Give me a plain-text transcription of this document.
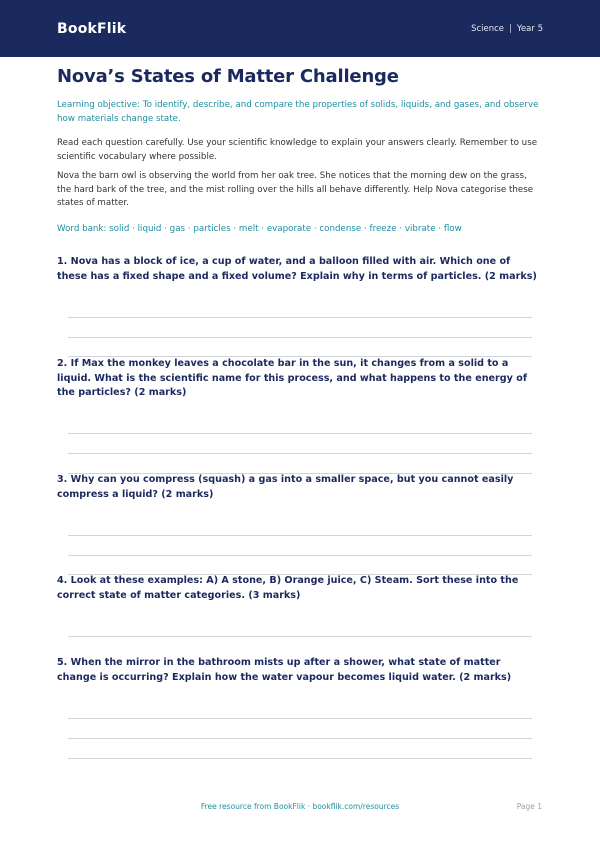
BookFlik	Science | Year 5
Nova’s States of Matter Challenge
Learning objective: To identify, describe, and compare the properties of solids, liquids, and gases, and observe how materials change state.
Read each question carefully. Use your scientific knowledge to explain your answers clearly. Remember to use scientific vocabulary where possible.
Nova the barn owl is observing the world from her oak tree. She notices that the morning dew on the grass, the hard bark of the tree, and the mist rolling over the hills all behave differently. Help Nova categorise these states of matter.
Word bank: solid · liquid · gas · particles · melt · evaporate · condense · freeze · vibrate · flow
1. Nova has a block of ice, a cup of water, and a balloon filled with air. Which one of these has a fixed shape and a fixed volume? Explain why in terms of particles. (2 marks)
2. If Max the monkey leaves a chocolate bar in the sun, it changes from a solid to a liquid. What is the scientific name for this process, and what happens to the energy of the particles? (2 marks)
3. Why can you compress (squash) a gas into a smaller space, but you cannot easily compress a liquid? (2 marks)
4. Look at these examples: A) A stone, B) Orange juice, C) Steam. Sort these into the correct state of matter categories. (3 marks)
5. When the mirror in the bathroom mists up after a shower, what state of matter change is occurring? Explain how the water vapour becomes liquid water. (2 marks)
Free resource from BookFlik · bookflik.com/resources	Page 1
